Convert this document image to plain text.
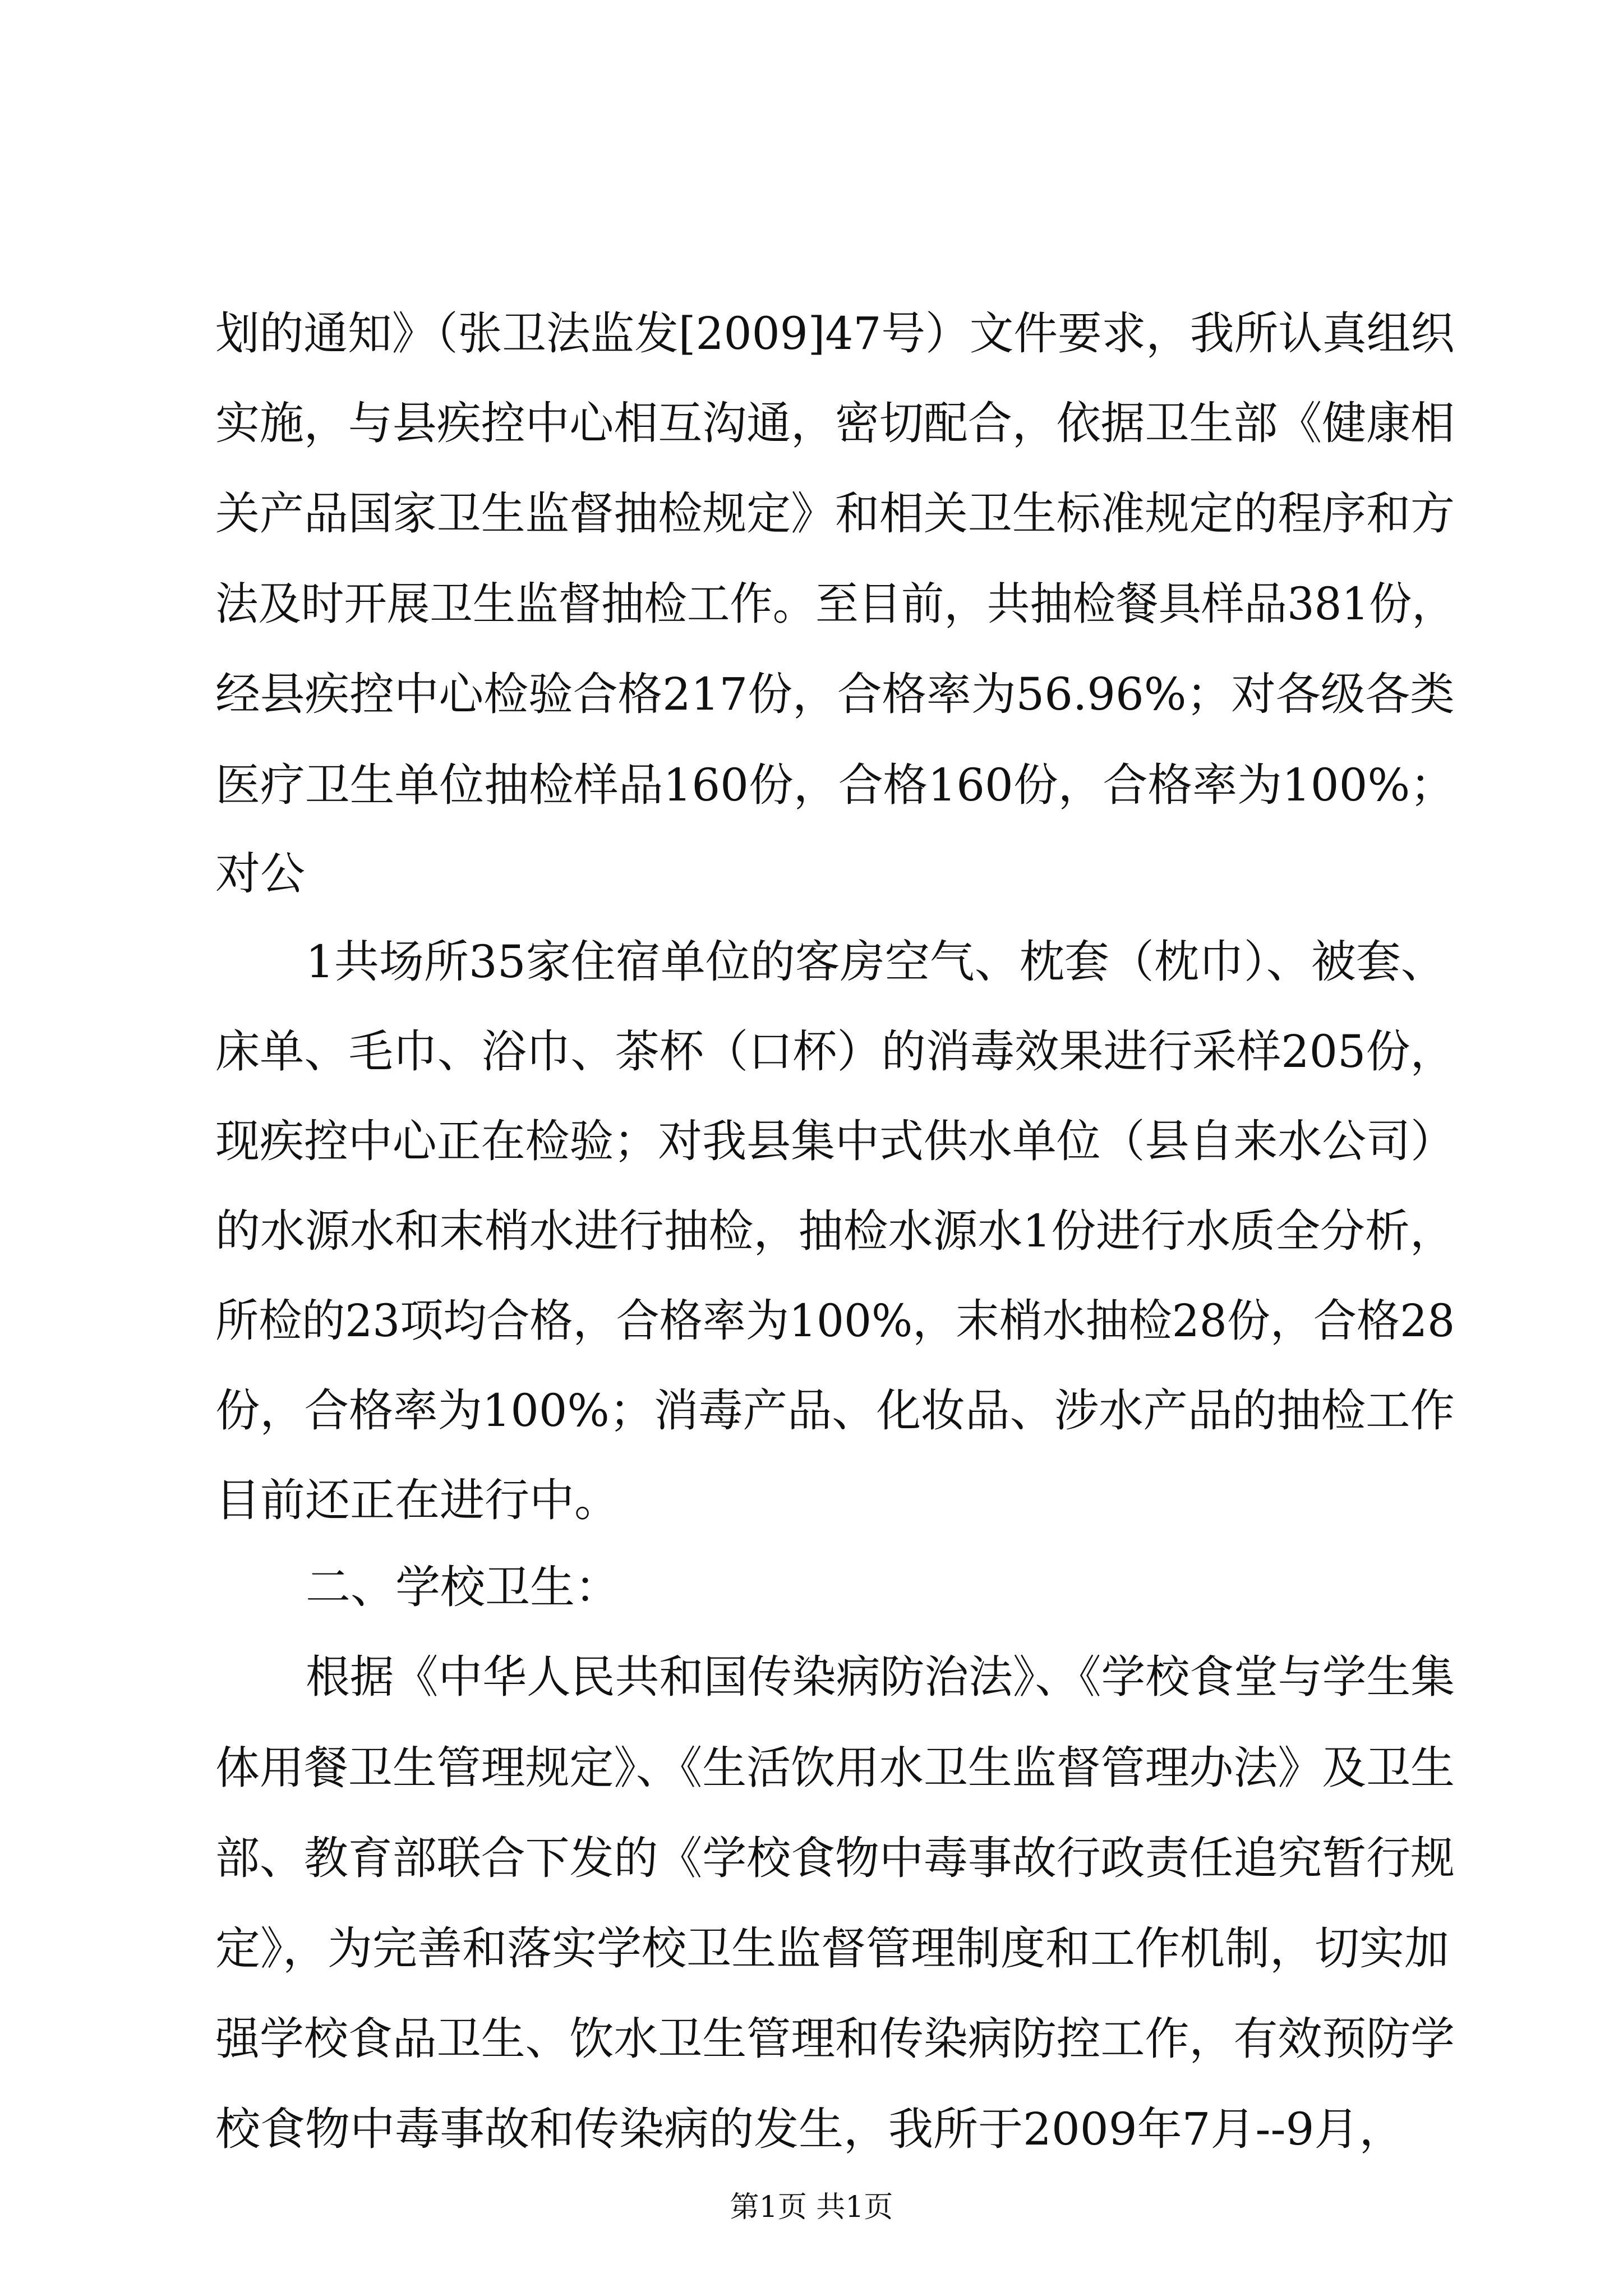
划的通知》（张卫法监发[2009]47号）文件要求，我所认真组织
实施，与县疾控中心相互沟通，密切配合，依据卫生部《健康相
关产品国家卫生监督抽检规定》和相关卫生标准规定的程序和方
法及时开展卫生监督抽检工作。至目前，共抽检餐具样品381份，
经县疾控中心检验合格217份，合格率为56.96%；对各级各类
医疗卫生单位抽检样品160份，合格160份，合格率为100%；
对公
1共场所35家住宿单位的客房空气、枕套（枕巾）、被套、
床单、毛巾、浴巾、茶杯（口杯）的消毒效果进行采样205份，
现疾控中心正在检验；对我县集中式供水单位（县自来水公司）
的水源水和末梢水进行抽检，抽检水源水1份进行水质全分析，
所检的23项均合格，合格率为100%，末梢水抽检28份，合格28
份，合格率为100%；消毒产品、化妆品、涉水产品的抽检工作
目前还正在进行中。
二、学校卫生：
根据《中华人民共和国传染病防治法》、《学校食堂与学生集
体用餐卫生管理规定》、《生活饮用水卫生监督管理办法》及卫生
部、教育部联合下发的《学校食物中毒事故行政责任追究暂行规
定》，为完善和落实学校卫生监督管理制度和工作机制，切实加
强学校食品卫生、饮水卫生管理和传染病防控工作，有效预防学
校食物中毒事故和传染病的发生，我所于2009年7月--9月，
第1页 共1页
